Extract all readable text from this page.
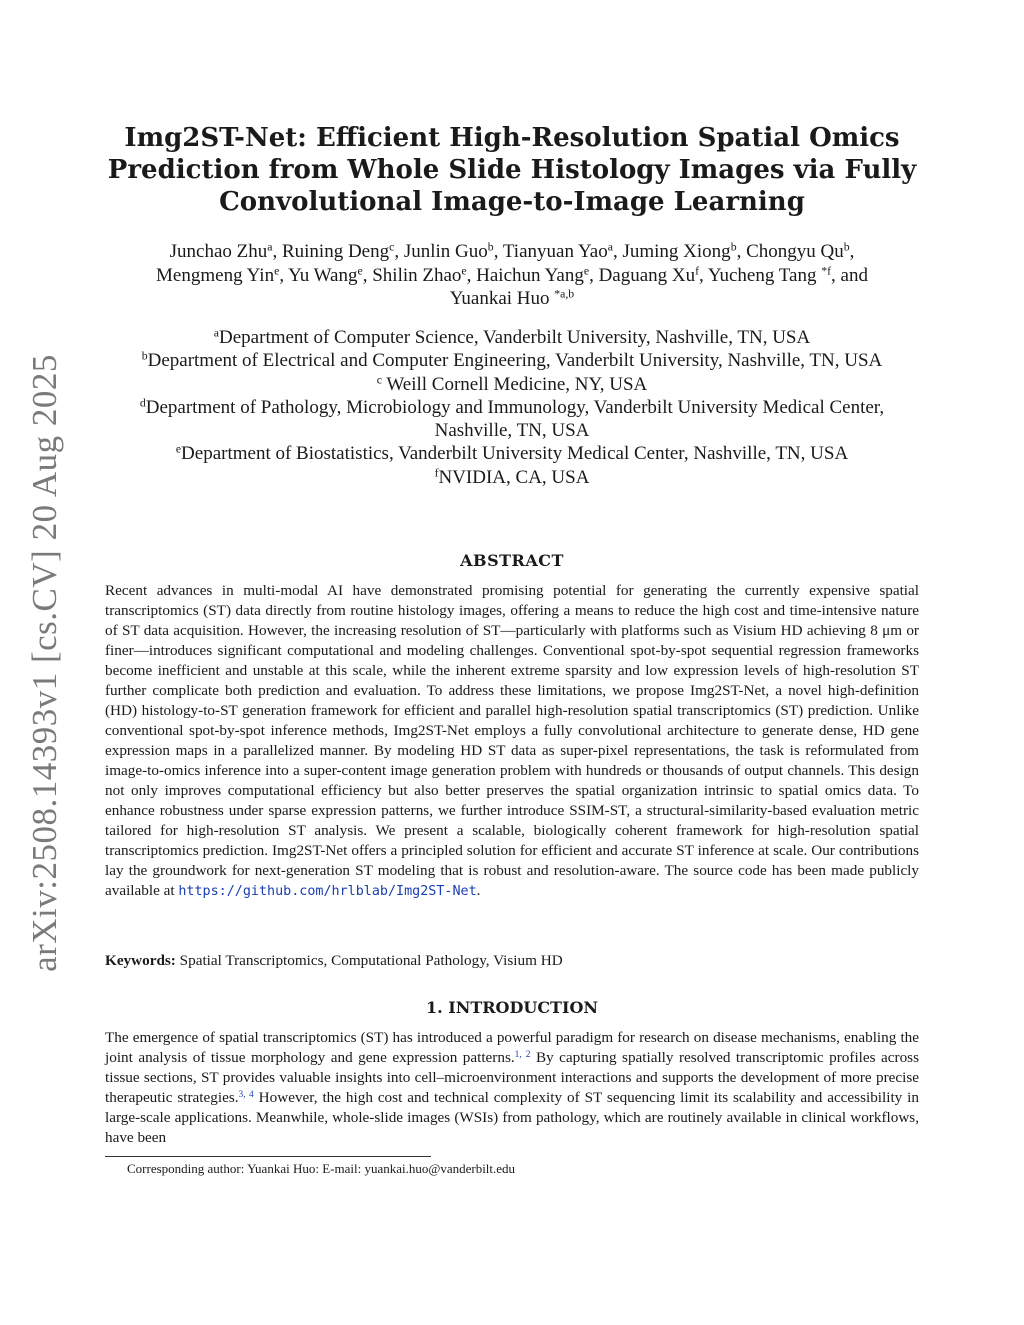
arXiv:2508.14393v1 [cs.CV] 20 Aug 2025
Img2ST-Net: Efficient High-Resolution Spatial Omics Prediction from Whole Slide Histology Images via Fully Convolutional Image-to-Image Learning

Junchao Zhu$^a$, Ruining Deng$^c$, Junlin Guo$^b$, Tianyuan Yao$^a$, Juming Xiong$^b$, Chongyu Qu$^b$,
Mengmeng Yin$^e$, Yu Wang$^e$, Shilin Zhao$^e$, Haichun Yang$^e$, Daguang Xu$^f$, Yucheng Tang $^{*f}$, and
Yuankai Huo $^{*a,b}$

$^a$Department of Computer Science, Vanderbilt University, Nashville, TN, USA
$^b$Department of Electrical and Computer Engineering, Vanderbilt University, Nashville, TN, USA
$^c$ Weill Cornell Medicine, NY, USA
$^d$Department of Pathology, Microbiology and Immunology, Vanderbilt University Medical Center, Nashville, TN, USA
$^e$Department of Biostatistics, Vanderbilt University Medical Center, Nashville, TN, USA
$^f$NVIDIA, CA, USA
ABSTRACT

Recent advances in multi-modal AI have demonstrated promising potential for generating the currently expensive spatial transcriptomics (ST) data directly from routine histology images, offering a means to reduce the high cost and time-intensive nature of ST data acquisition. However, the increasing resolution of ST—particularly with platforms such as Visium HD achieving 8 μm or finer—introduces significant computational and modeling challenges. Conventional spot-by-spot sequential regression frameworks become inefficient and unstable at this scale, while the inherent extreme sparsity and low expression levels of high-resolution ST further complicate both prediction and evaluation. To address these limitations, we propose Img2ST-Net, a novel high-definition (HD) histology-to-ST generation framework for efficient and parallel high-resolution spatial transcriptomics (ST) prediction. Unlike conventional spot-by-spot inference methods, Img2ST-Net employs a fully convolutional architecture to generate dense, HD gene expression maps in a parallelized manner. By modeling HD ST data as super-pixel representations, the task is reformulated from image-to-omics inference into a super-content image generation problem with hundreds or thousands of output channels. This design not only improves computational efficiency but also better preserves the spatial organization intrinsic to spatial omics data. To enhance robustness under sparse expression patterns, we further introduce SSIM-ST, a structural-similarity-based evaluation metric tailored for high-resolution ST analysis. We present a scalable, biologically coherent framework for high-resolution spatial transcriptomics prediction. Img2ST-Net offers a principled solution for efficient and accurate ST inference at scale. Our contributions lay the groundwork for next-generation ST modeling that is robust and resolution-aware. The source code has been made publicly available at https://github.com/hrlblab/Img2ST-Net.

Keywords: Spatial Transcriptomics, Computational Pathology, Visium HD

1. INTRODUCTION

The emergence of spatial transcriptomics (ST) has introduced a powerful paradigm for research on disease mechanisms, enabling the joint analysis of tissue morphology and gene expression patterns.$^{1, 2}$ By capturing spatially resolved transcriptomic profiles across tissue sections, ST provides valuable insights into cell–microenvironment interactions and supports the development of more precise therapeutic strategies.$^{3, 4}$ However, the high cost and technical complexity of ST sequencing limit its scalability and accessibility in large-scale applications. Meanwhile, whole-slide images (WSIs) from pathology, which are routinely available in clinical workflows, have been

Corresponding author: Yuankai Huo: E-mail: yuankai.huo@vanderbilt.edu
